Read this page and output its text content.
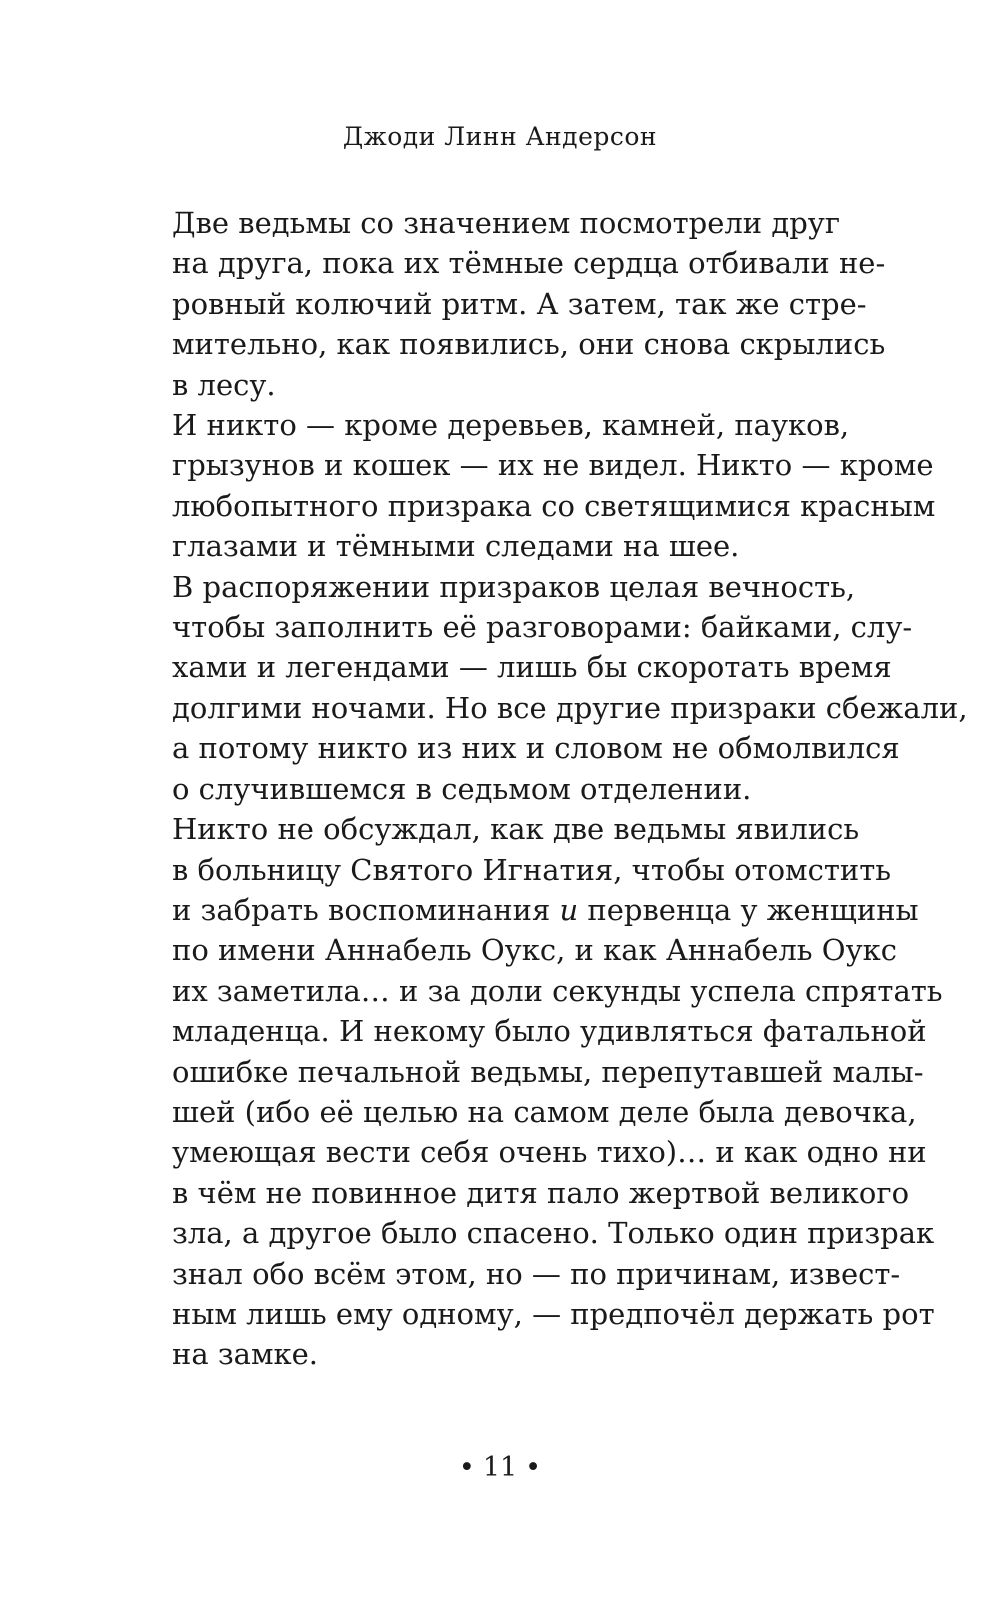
Джоди Линн Андерсон

Две ведьмы со значением посмотрели друг
на друга, пока их тёмные сердца отбивали не-
ровный колючий ритм. А затем, так же стре-
мительно, как появились, они снова скрылись
в лесу.

И никто — кроме деревьев, камней, пауков,
грызунов и кошек — их не видел. Никто — кроме
любопытного призрака со светящимися красным
глазами и тёмными следами на шее.

В распоряжении призраков целая вечность,
чтобы заполнить её разговорами: байками, слу-
хами и легендами — лишь бы скоротать время
долгими ночами. Но все другие призраки сбежали,
а потому никто из них и словом не обмолвился
о случившемся в седьмом отделении.

Никто не обсуждал, как две ведьмы явились
в больницу Святого Игнатия, чтобы отомстить
и забрать воспоминания и первенца у женщины
по имени Аннабель Оукс, и как Аннабель Оукс
их заметила… и за доли секунды успела спрятать
младенца. И некому было удивляться фатальной
ошибке печальной ведьмы, перепутавшей малы-
шей (ибо её целью на самом деле была девочка,
умеющая вести себя очень тихо)… и как одно ни
в чём не повинное дитя пало жертвой великого
зла, а другое было спасено. Только один призрак
знал обо всём этом, но — по причинам, извест-
ным лишь ему одному, — предпочёл держать рот
на замке.

• 11 •
